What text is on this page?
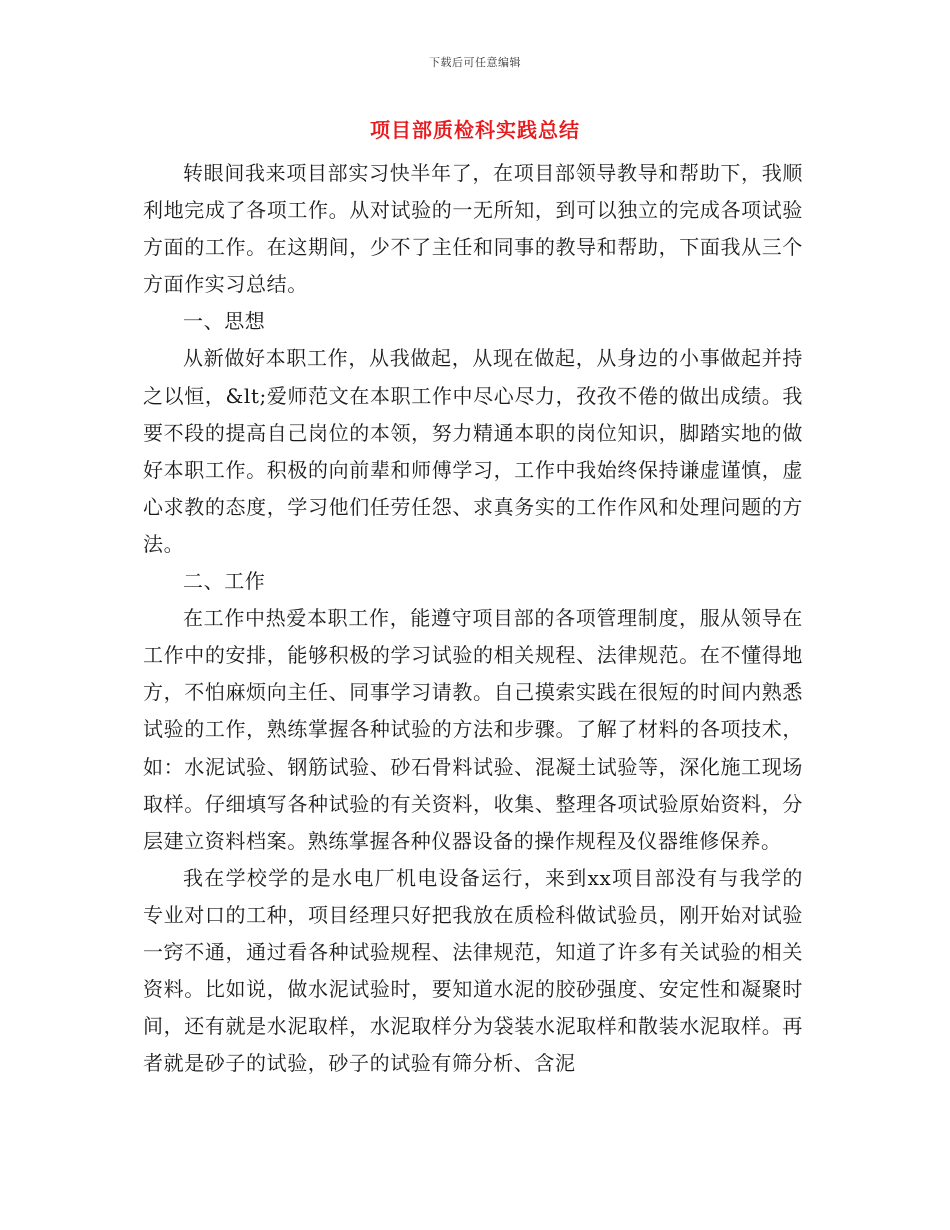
下载后可任意编辑
项目部质检科实践总结

转眼间我来项目部实习快半年了，在项目部领导教导和帮助下，我顺利地完成了各项工作。从对试验的一无所知，到可以独立的完成各项试验方面的工作。在这期间，少不了主任和同事的教导和帮助，下面我从三个方面作实习总结。

一、思想

从新做好本职工作，从我做起，从现在做起，从身边的小事做起并持之以恒，&lt;爱师范文在本职工作中尽心尽力，孜孜不倦的做出成绩。我要不段的提高自己岗位的本领，努力精通本职的岗位知识，脚踏实地的做好本职工作。积极的向前辈和师傅学习，工作中我始终保持谦虚谨慎，虚心求教的态度，学习他们任劳任怨、求真务实的工作作风和处理问题的方法。

二、工作

在工作中热爱本职工作，能遵守项目部的各项管理制度，服从领导在工作中的安排，能够积极的学习试验的相关规程、法律规范。在不懂得地方，不怕麻烦向主任、同事学习请教。自己摸索实践在很短的时间内熟悉试验的工作，熟练掌握各种试验的方法和步骤。了解了材料的各项技术，如：水泥试验、钢筋试验、砂石骨料试验、混凝土试验等，深化施工现场取样。仔细填写各种试验的有关资料，收集、整理各项试验原始资料，分层建立资料档案。熟练掌握各种仪器设备的操作规程及仪器维修保养。

我在学校学的是水电厂机电设备运行，来到xx项目部没有与我学的专业对口的工种，项目经理只好把我放在质检科做试验员，刚开始对试验一窍不通，通过看各种试验规程、法律规范，知道了许多有关试验的相关资料。比如说，做水泥试验时，要知道水泥的胶砂强度、安定性和凝聚时间，还有就是水泥取样，水泥取样分为袋装水泥取样和散装水泥取样。再者就是砂子的试验，砂子的试验有筛分析、含泥
